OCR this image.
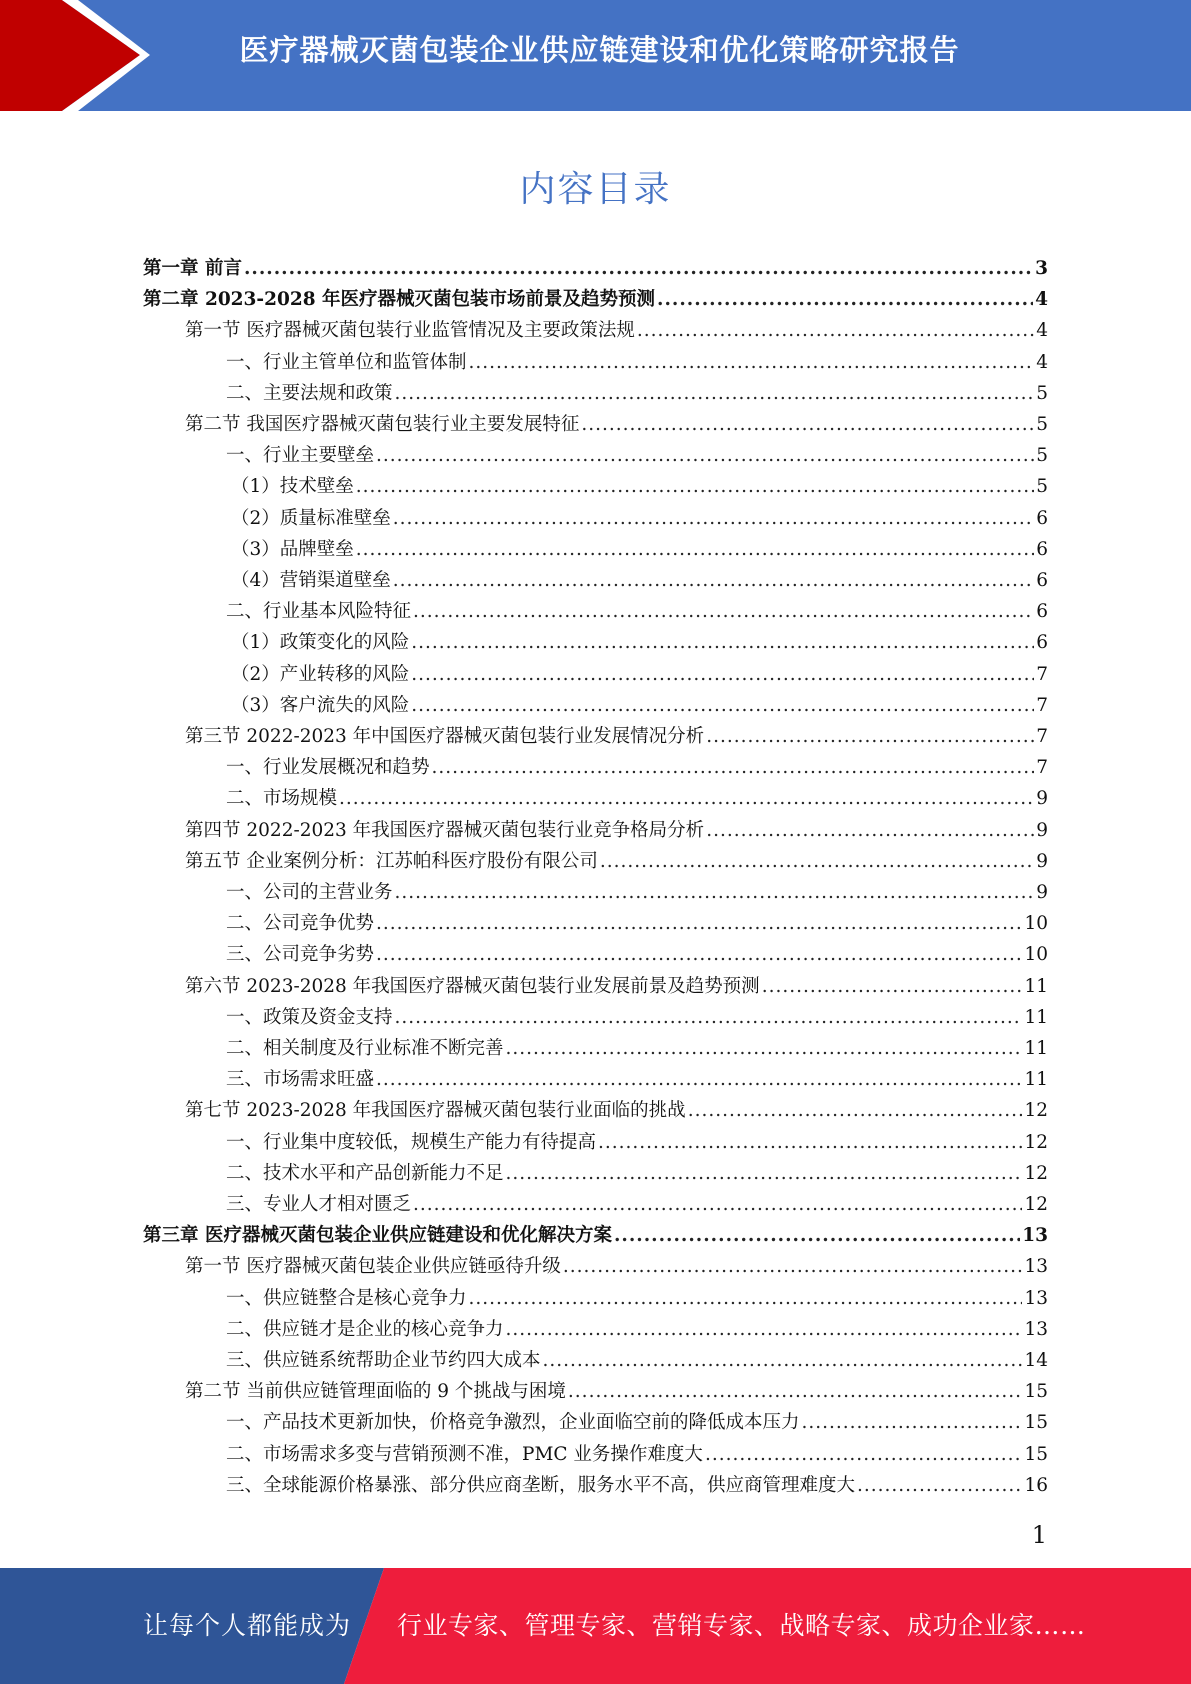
医疗器械灭菌包装企业供应链建设和优化策略研究报告
内容目录
第一章 前言 .....	3
第二章 2023-2028 年医疗器械灭菌包装市场前景及趋势预测 .....	4
第一节 医疗器械灭菌包装行业监管情况及主要政策法规 .....	4
一、行业主管单位和监管体制 .....	4
二、主要法规和政策 .....	5
第二节 我国医疗器械灭菌包装行业主要发展特征 .....	5
一、行业主要壁垒 .....	5
（1）技术壁垒 .....	5
（2）质量标准壁垒 .....	6
（3）品牌壁垒 .....	6
（4）营销渠道壁垒 .....	6
二、行业基本风险特征 .....	6
（1）政策变化的风险 .....	6
（2）产业转移的风险 .....	7
（3）客户流失的风险 .....	7
第三节 2022-2023 年中国医疗器械灭菌包装行业发展情况分析 .....	7
一、行业发展概况和趋势 .....	7
二、市场规模 .....	9
第四节 2022-2023 年我国医疗器械灭菌包装行业竞争格局分析 .....	9
第五节 企业案例分析：江苏帕科医疗股份有限公司 .....	9
一、公司的主营业务 .....	9
二、公司竞争优势 .....	10
三、公司竞争劣势 .....	10
第六节 2023-2028 年我国医疗器械灭菌包装行业发展前景及趋势预测 .....	11
一、政策及资金支持 .....	11
二、相关制度及行业标准不断完善 .....	11
三、市场需求旺盛 .....	11
第七节 2023-2028 年我国医疗器械灭菌包装行业面临的挑战 .....	12
一、行业集中度较低，规模生产能力有待提高 .....	12
二、技术水平和产品创新能力不足 .....	12
三、专业人才相对匮乏 .....	12
第三章 医疗器械灭菌包装企业供应链建设和优化解决方案 .....	13
第一节 医疗器械灭菌包装企业供应链亟待升级 .....	13
一、供应链整合是核心竞争力 .....	13
二、供应链才是企业的核心竞争力 .....	13
三、供应链系统帮助企业节约四大成本 .....	14
第二节 当前供应链管理面临的 9 个挑战与困境 .....	15
一、产品技术更新加快，价格竞争激烈，企业面临空前的降低成本压力 .....	15
二、市场需求多变与营销预测不准，PMC 业务操作难度大 .....	15
三、全球能源价格暴涨、部分供应商垄断，服务水平不高，供应商管理难度大 .....	16
1
让每个人都能成为 行业专家、管理专家、营销专家、战略专家、成功企业家……
